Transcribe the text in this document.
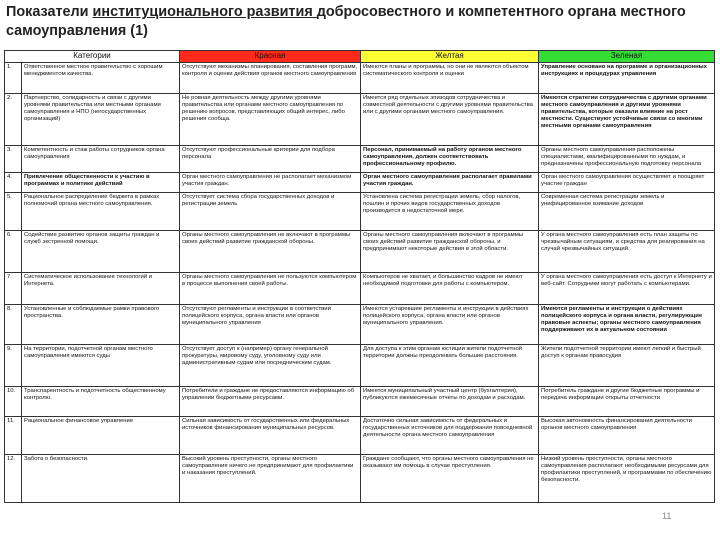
Показатели институционального развития добросовестного и компетентного органа местного самоуправления (1)
Категории		Красная	Желтая	Зеленая
1.	Ответственное местное правительство с хорошим менеджментом качества.	Отсутствуют механизмы планирования, составления программ, контроля и оценки действия органов местного самоуправления	Имеются планы и программы, но они не являются объектом систематического контроля и оценки	Управление основано на программе и организационных инструкциях и процедурах управления
2.	Партнерство, солидарность и связи с другими уровнями правительства или местными органами самоуправления и НПО (негосударственных организаций)	Не ровная деятельность между другими уровнями правительства или органами местного самоуправления по решению вопросов, представляющих общий интерес, либо решения сообща.	Имеется ряд отдельных эпизодов сотрудничества и совместной деятельности с другими уровнями правительства или с другими органами местного самоуправления.	Имеются стратегии сотрудничества с другими органами местного самоуправления и другими уровнями правительства, которые оказали влияние на рост местности. Существуют устойчивые связи со многими местными органами самоуправления
3.	Компетентность и стаж работы сотрудников органа самоуправления	Отсутствуют профессиональные критерии для подбора персонала	Персонал, принимаемый на работу органом местного самоуправления, должен соответствовать профессиональному профилю.	Органы местного самоуправления расположены специалистами, квалифицированными по нуждам, и предназначены профессиональную подготовку персонала
4.	Привлечение общественности к участию в программах и политике действий	Орган местного самоуправления не располагает механизмом участия граждан.	Орган местного самоуправления располагает правилами участия граждан.	Орган местного самоуправления осуществляет и поощряет участие граждан
5.	Рациональное распределение бюджета в рамках полномочий органа местного самоуправления.	Отсутствует система сбора государственных доходов и регистрации земель	Установлена система регистрации земель, сбор налогов, пошлин и прочих видов государственных доходов производится в недостаточной мере.	Современная система регистрации земель и унифицированное взимание доходов
6.	Содействие развитию органов защиты граждан и служб экстренной помощи.	Органы местного самоуправления не включают в программы своих действий развитие гражданской обороны.	Органы местного самоуправления включают в программы своих действий развитие гражданской обороны, и предпринимают некоторые действия в этой области.	У органа местного самоуправления есть план защиты по чрезвычайным ситуациям, и средства для реагирования на случай чрезвычайных ситуаций.
7.	Систематическое использование технологий и Интернета.	Органы местного самоуправления не пользуются компьютером в процессе выполнения своей работы.	Компьютеров не хватает, и большинство кадров не имеют необходимой подготовки для работы с компьютером.	У органа местного самоуправления есть доступ к Интернету и веб-сайт. Сотрудники могут работать с компьютерами.
8.	Установленные и соблюдаемые рамки правового пространства.	Отсутствуют регламенты и инструкции в соответствии полицейского корпуса, органа власти или органов муниципального управления	Имеются устаревшие регламенты и инструкции в действиях полицейского корпуса, органа власти или органов муниципального управления.	Имеются регламенты и инструкции о действиях полицейского корпуса и органа власти, регулирующие правовые аспекты; органы местного самоуправления поддерживают их в актуальном состоянии
9.	На территории, подотчетной органам местного самоуправления имеются суды	Отсутствует доступ к (например) органу генеральной прокуратуры, мировому суду, уголовному суду или административным судам или посредническим судам.	Для доступа к этим органам юстиции жители подотчетной территории должны преодолевать большие расстояния.	Жители подотчетной территории имеют легкий и быстрый доступ к органам правосудия
10.	Транспарентность и подотчетность общественному контролю.	Потребители и граждане не предоставляются информацию об управлении бюджетными ресурсами.	Имеется муниципальный участный центр (бухгалтерия), публикуются ежемесячные отчеты по доходам и расходам.	Потребитель граждане и другие бюджетные программы и передача информации открыты отчетности
11.	Рациональное финансовое управление	Сильная зависимость от государственных или федеральных источников финансирования муниципальных ресурсов.	Достаточно сильная зависимость от федеральных и государственных источников для поддержания повседневной деятельности органа местного самоуправления	Высокая автономность финансирования деятельности органов местного самоуправления
12.	Забота о безопасности.	Высокий уровень преступности, органы местного самоуправления ничего не предпринимают для профилактики и наказания преступлений.	Граждане сообщают, что органы местного самоуправления не оказывают им помощь в случае преступления.	Низкий уровень преступности, органы местного самоуправления располагают необходимыми ресурсами для профилактики преступлений, и программами по обеспечению безопасности.
11
